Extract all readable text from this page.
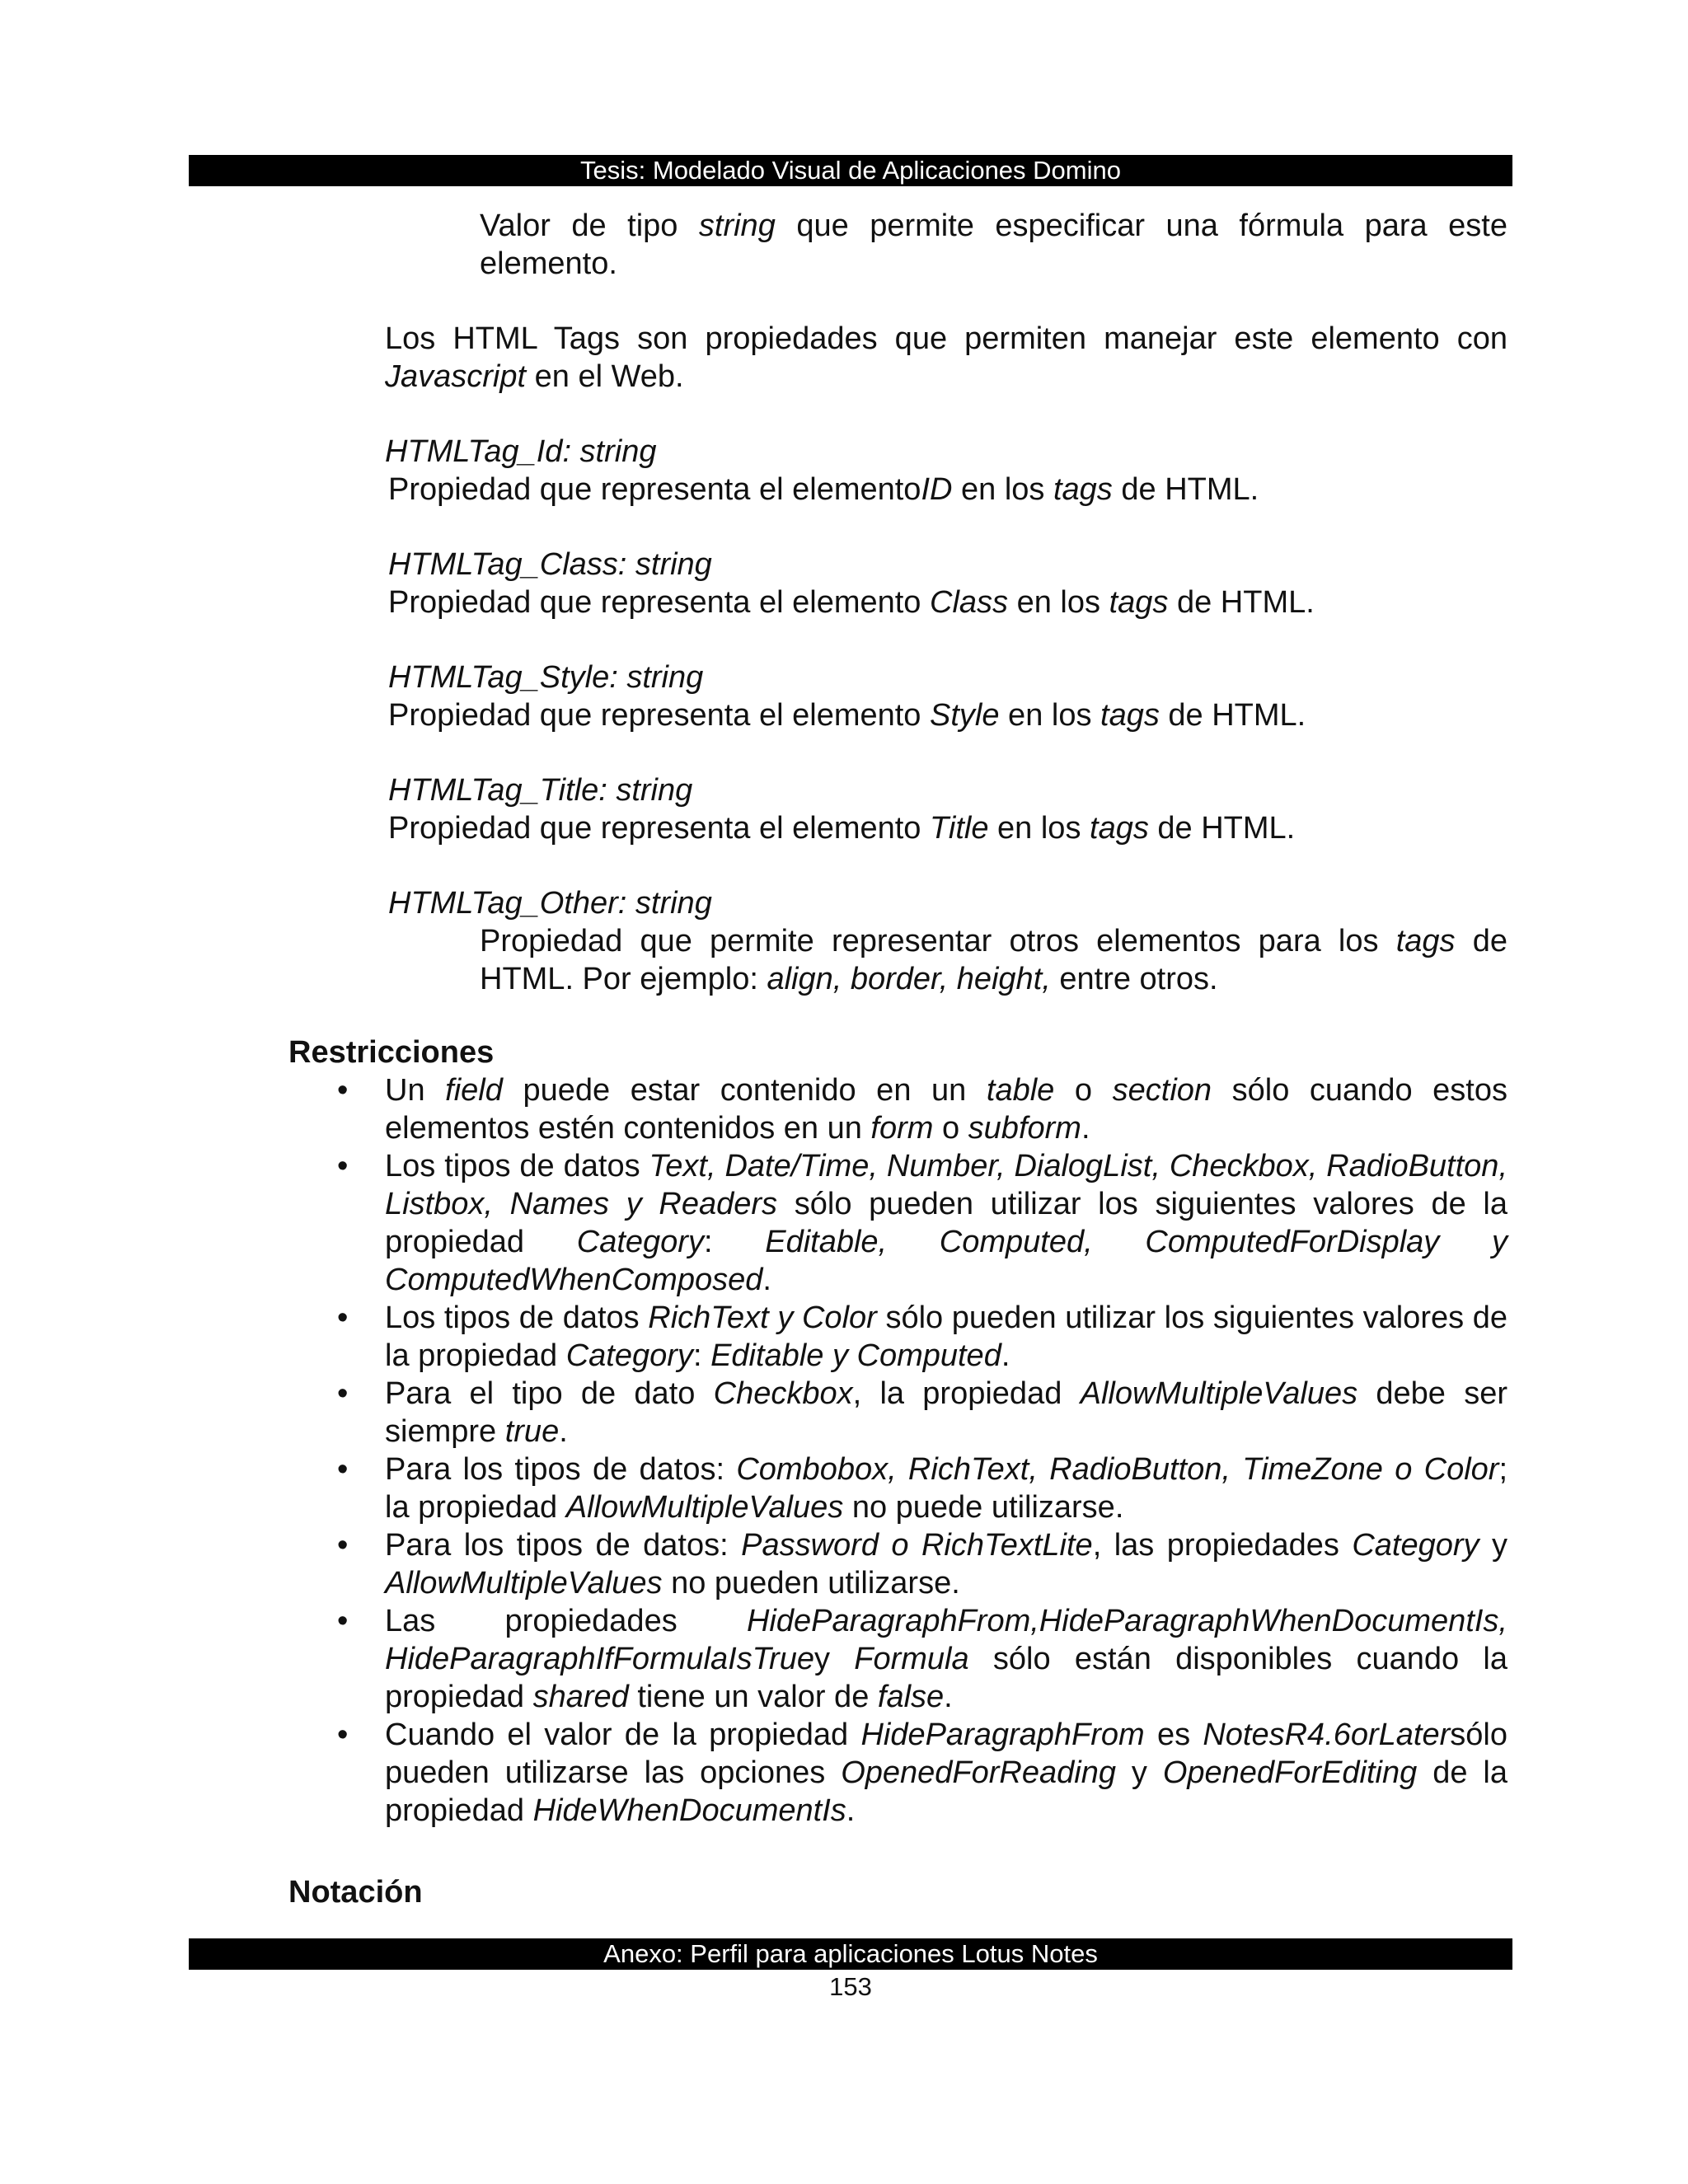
Tesis: Modelado Visual de Aplicaciones Domino
Valor de tipo string que permite especificar una fórmula para este elemento.
Los HTML Tags son propiedades que permiten manejar este elemento con Javascript en el Web.
HTMLTag_Id: string
Propiedad que representa el elementoID en los tags de HTML.
HTMLTag_Class: string
Propiedad que representa el elemento Class en los tags de HTML.
HTMLTag_Style: string
Propiedad que representa el elemento Style en los tags de HTML.
HTMLTag_Title: string
Propiedad que representa el elemento Title en los tags de HTML.
HTMLTag_Other: string
Propiedad que permite representar otros elementos para los tags de HTML. Por ejemplo: align, border, height, entre otros.
Restricciones
• Un field puede estar contenido en un table o section sólo cuando estos elementos estén contenidos en un form o subform.
• Los tipos de datos Text, Date/Time, Number, DialogList, Checkbox, RadioButton, Listbox, Names y Readers sólo pueden utilizar los siguientes valores de la propiedad Category: Editable, Computed, ComputedForDisplay y ComputedWhenComposed.
• Los tipos de datos RichText y Color sólo pueden utilizar los siguientes valores de la propiedad Category: Editable y Computed.
• Para el tipo de dato Checkbox, la propiedad AllowMultipleValues debe ser siempre true.
• Para los tipos de datos: Combobox, RichText, RadioButton, TimeZone o Color; la propiedad AllowMultipleValues no puede utilizarse.
• Para los tipos de datos: Password o RichTextLite, las propiedades Category y AllowMultipleValues no pueden utilizarse.
• Las propiedades HideParagraphFrom,HideParagraphWhenDocumentIs, HideParagraphIfFormulaIsTruey Formula sólo están disponibles cuando la propiedad shared tiene un valor de false.
• Cuando el valor de la propiedad HideParagraphFrom es NotesR4.6orLatersólo pueden utilizarse las opciones OpenedForReading y OpenedForEditing de la propiedad HideWhenDocumentIs.
Notación
Anexo: Perfil para aplicaciones Lotus Notes
153
